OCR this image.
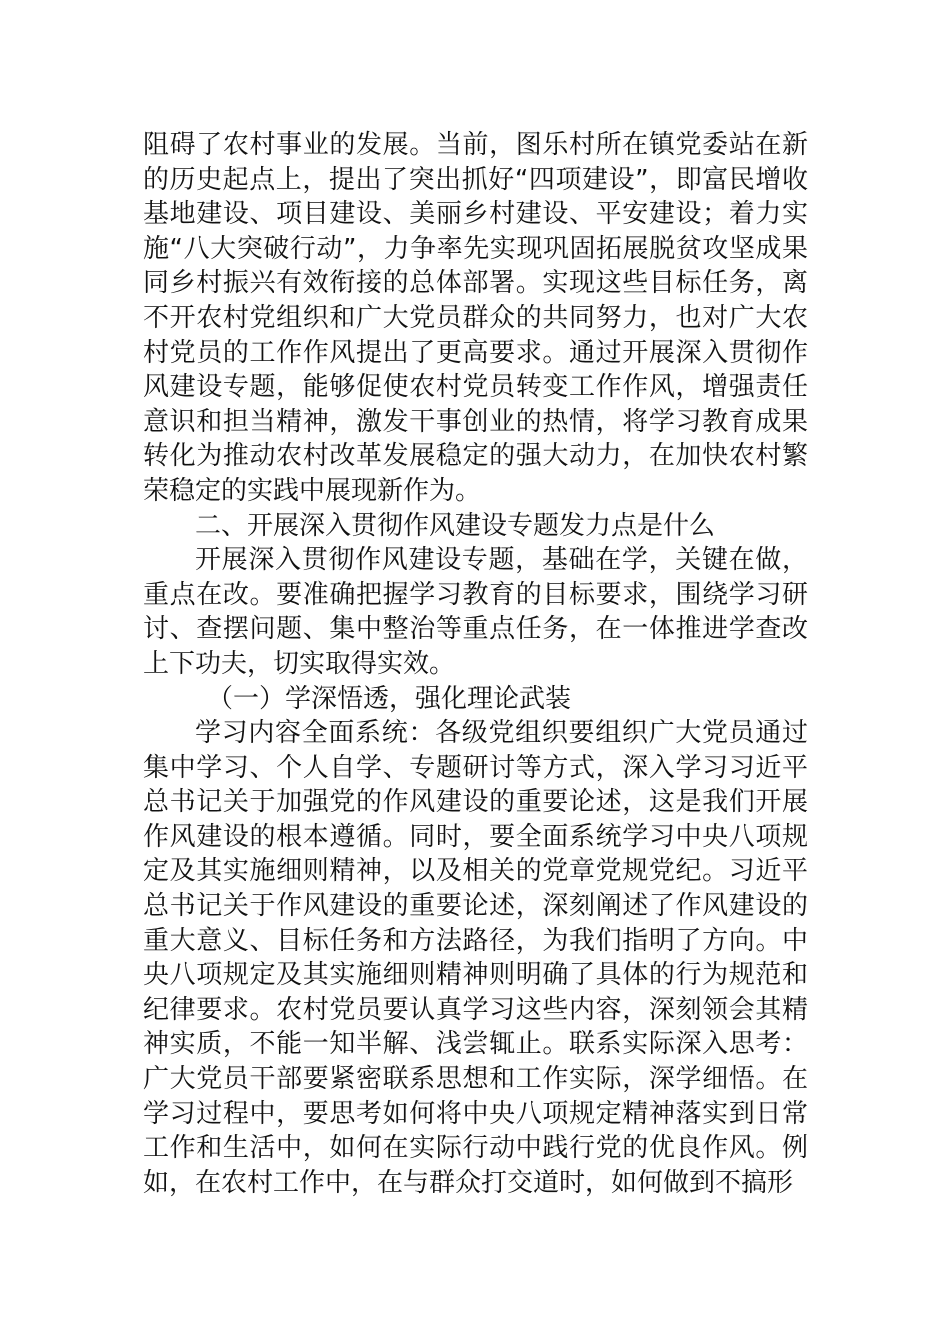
阻碍了农村事业的发展。当前，图乐村所在镇党委站在新的历史起点上，提出了突出抓好“四项建设”，即富民增收基地建设、项目建设、美丽乡村建设、平安建设；着力实施“八大突破行动”，力争率先实现巩固拓展脱贫攻坚成果同乡村振兴有效衔接的总体部署。实现这些目标任务，离不开农村党组织和广大党员群众的共同努力，也对广大农村党员的工作作风提出了更高要求。通过开展深入贯彻作风建设专题，能够促使农村党员转变工作作风，增强责任意识和担当精神，激发干事创业的热情，将学习教育成果转化为推动农村改革发展稳定的强大动力，在加快农村繁荣稳定的实践中展现新作为。

二、开展深入贯彻作风建设专题发力点是什么

开展深入贯彻作风建设专题，基础在学，关键在做，重点在改。要准确把握学习教育的目标要求，围绕学习研讨、查摆问题、集中整治等重点任务，在一体推进学查改上下功夫，切实取得实效。

（一）学深悟透，强化理论武装

学习内容全面系统：各级党组织要组织广大党员通过集中学习、个人自学、专题研讨等方式，深入学习习近平总书记关于加强党的作风建设的重要论述，这是我们开展作风建设的根本遵循。同时，要全面系统学习中央八项规定及其实施细则精神，以及相关的党章党规党纪。习近平总书记关于作风建设的重要论述，深刻阐述了作风建设的重大意义、目标任务和方法路径，为我们指明了方向。中央八项规定及其实施细则精神则明确了具体的行为规范和纪律要求。农村党员要认真学习这些内容，深刻领会其精神实质，不能一知半解、浅尝辄止。联系实际深入思考：广大党员干部要紧密联系思想和工作实际，深学细悟。在学习过程中，要思考如何将中央八项规定精神落实到日常工作和生活中，如何在实际行动中践行党的优良作风。例如，在农村工作中，在与群众打交道时，如何做到不搞形
